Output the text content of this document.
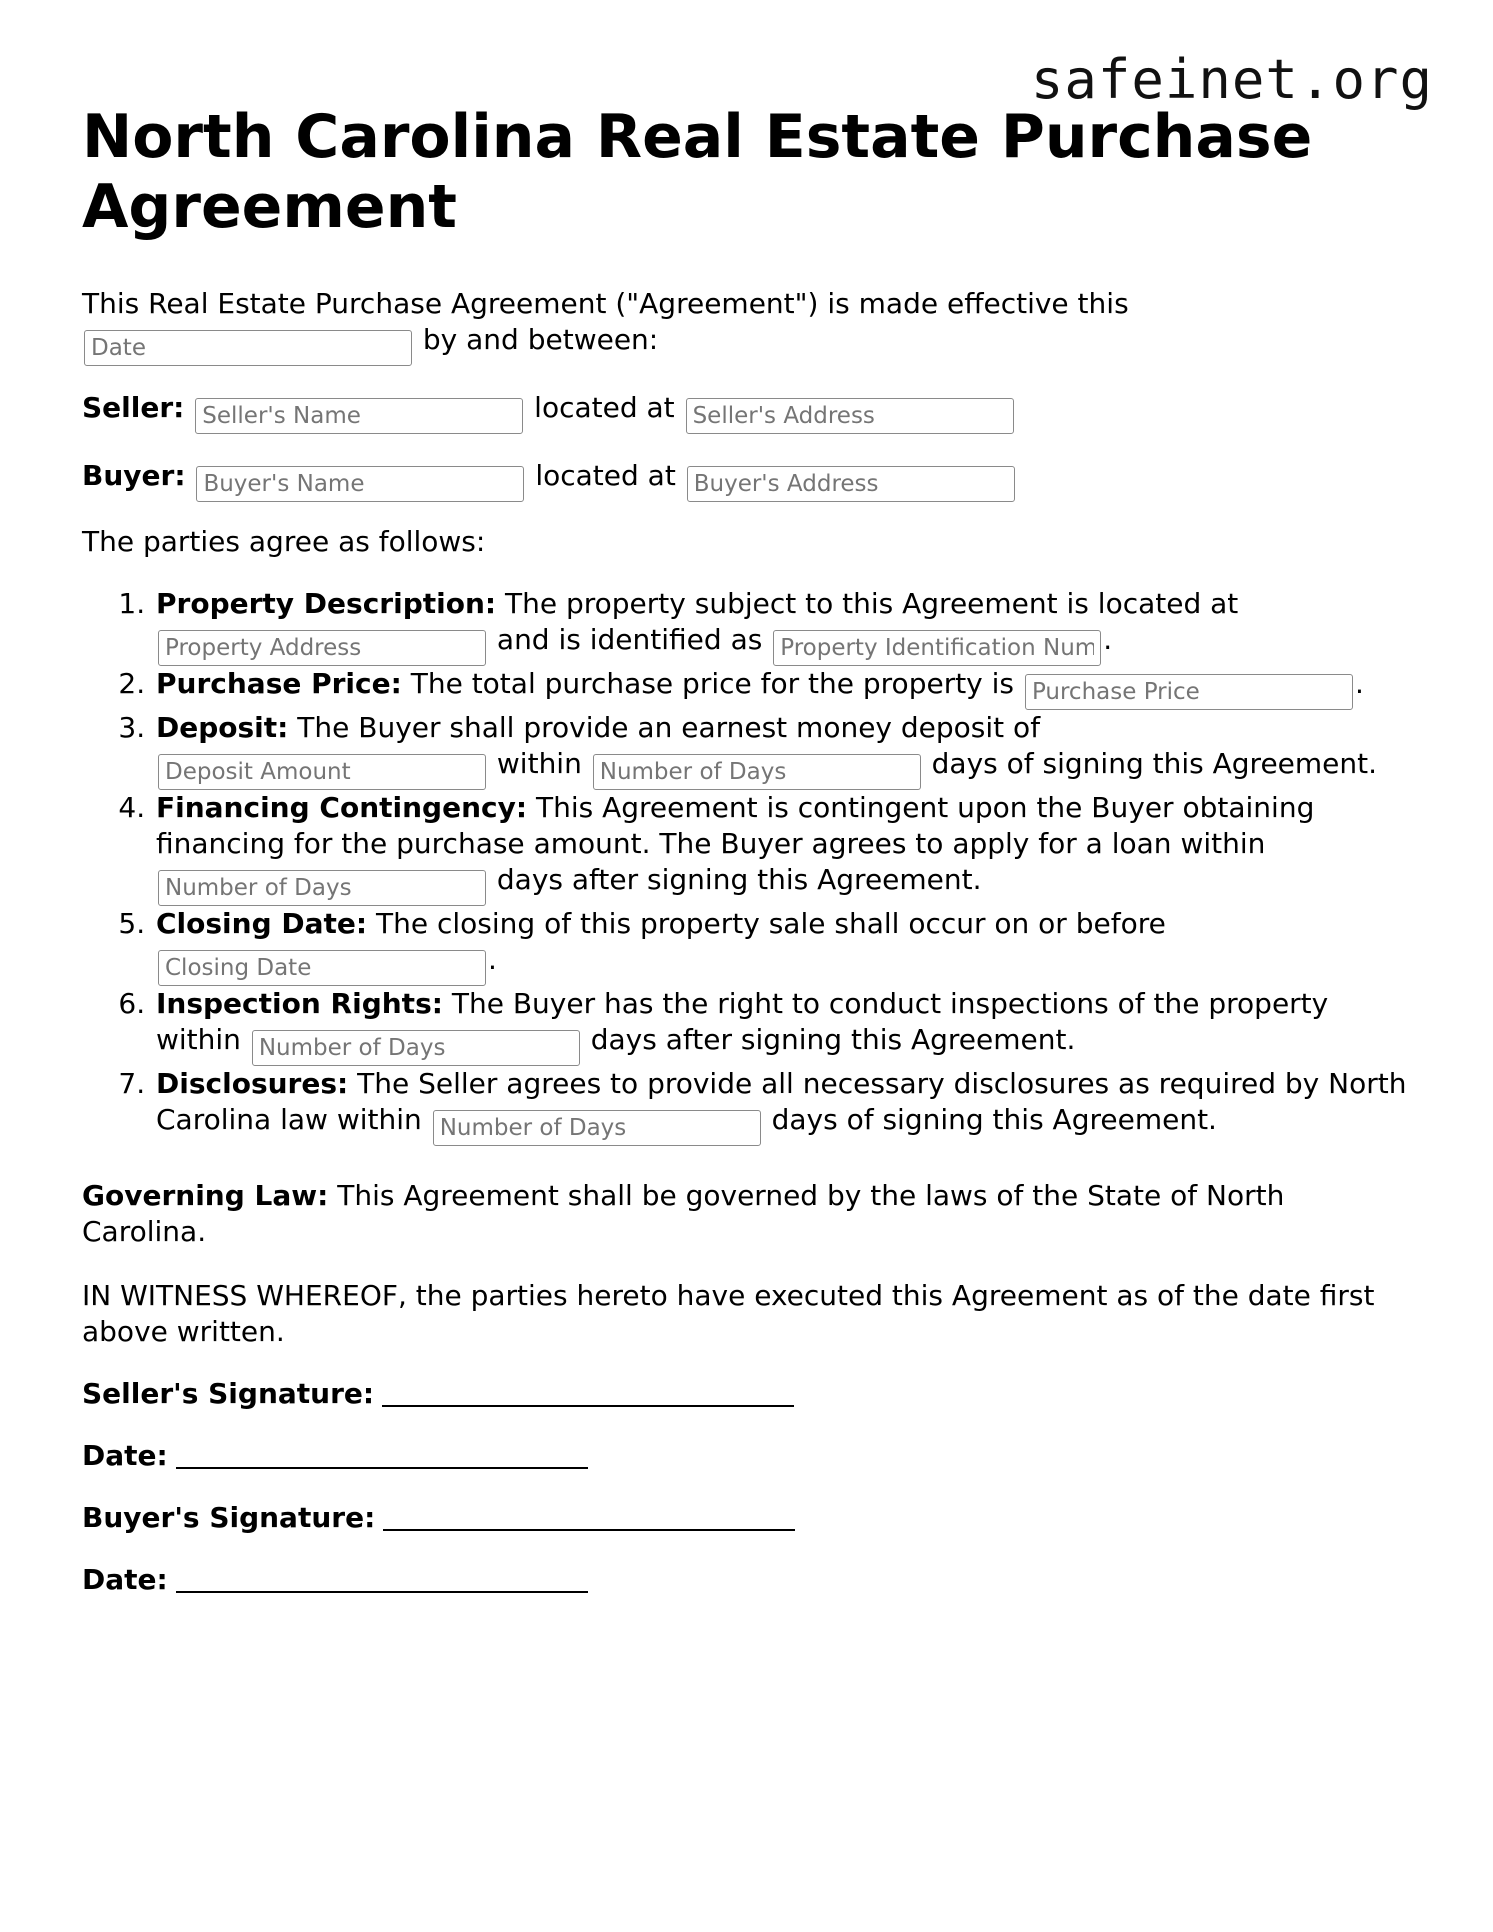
safeinet.org
North Carolina Real Estate Purchase Agreement

This Real Estate Purchase Agreement ("Agreement") is made effective this
Date by and between:

Seller: Seller's Name	located at Seller's Address

Buyer: Buyer's Name	located at Buyer's Address

The parties agree as follows:

1. Property Description: The property subject to this Agreement is located at
Property Address and is identified as Property Identification Number	.
2. Purchase Price: The total purchase price for the property is Purchase Price	.
3. Deposit: The Buyer shall provide an earnest money deposit of
Deposit Amount within Number of Days	days of signing this Agreement.
4. Financing Contingency: This Agreement is contingent upon the Buyer obtaining financing for the purchase amount. The Buyer agrees to apply for a loan within
Number of Days days after signing this Agreement.
5. Closing Date: The closing of this property sale shall occur on or before
Closing Date.
6. Inspection Rights: The Buyer has the right to conduct inspections of the property within Number of Days	days after signing this Agreement.
7. Disclosures: The Seller agrees to provide all necessary disclosures as required by North Carolina law within Number of Days	days of signing this Agreement.

Governing Law: This Agreement shall be governed by the laws of the State of North Carolina.

IN WITNESS WHEREOF, the parties hereto have executed this Agreement as of the date first above written.

Seller's Signature:

Date:

Buyer's Signature:

Date:
